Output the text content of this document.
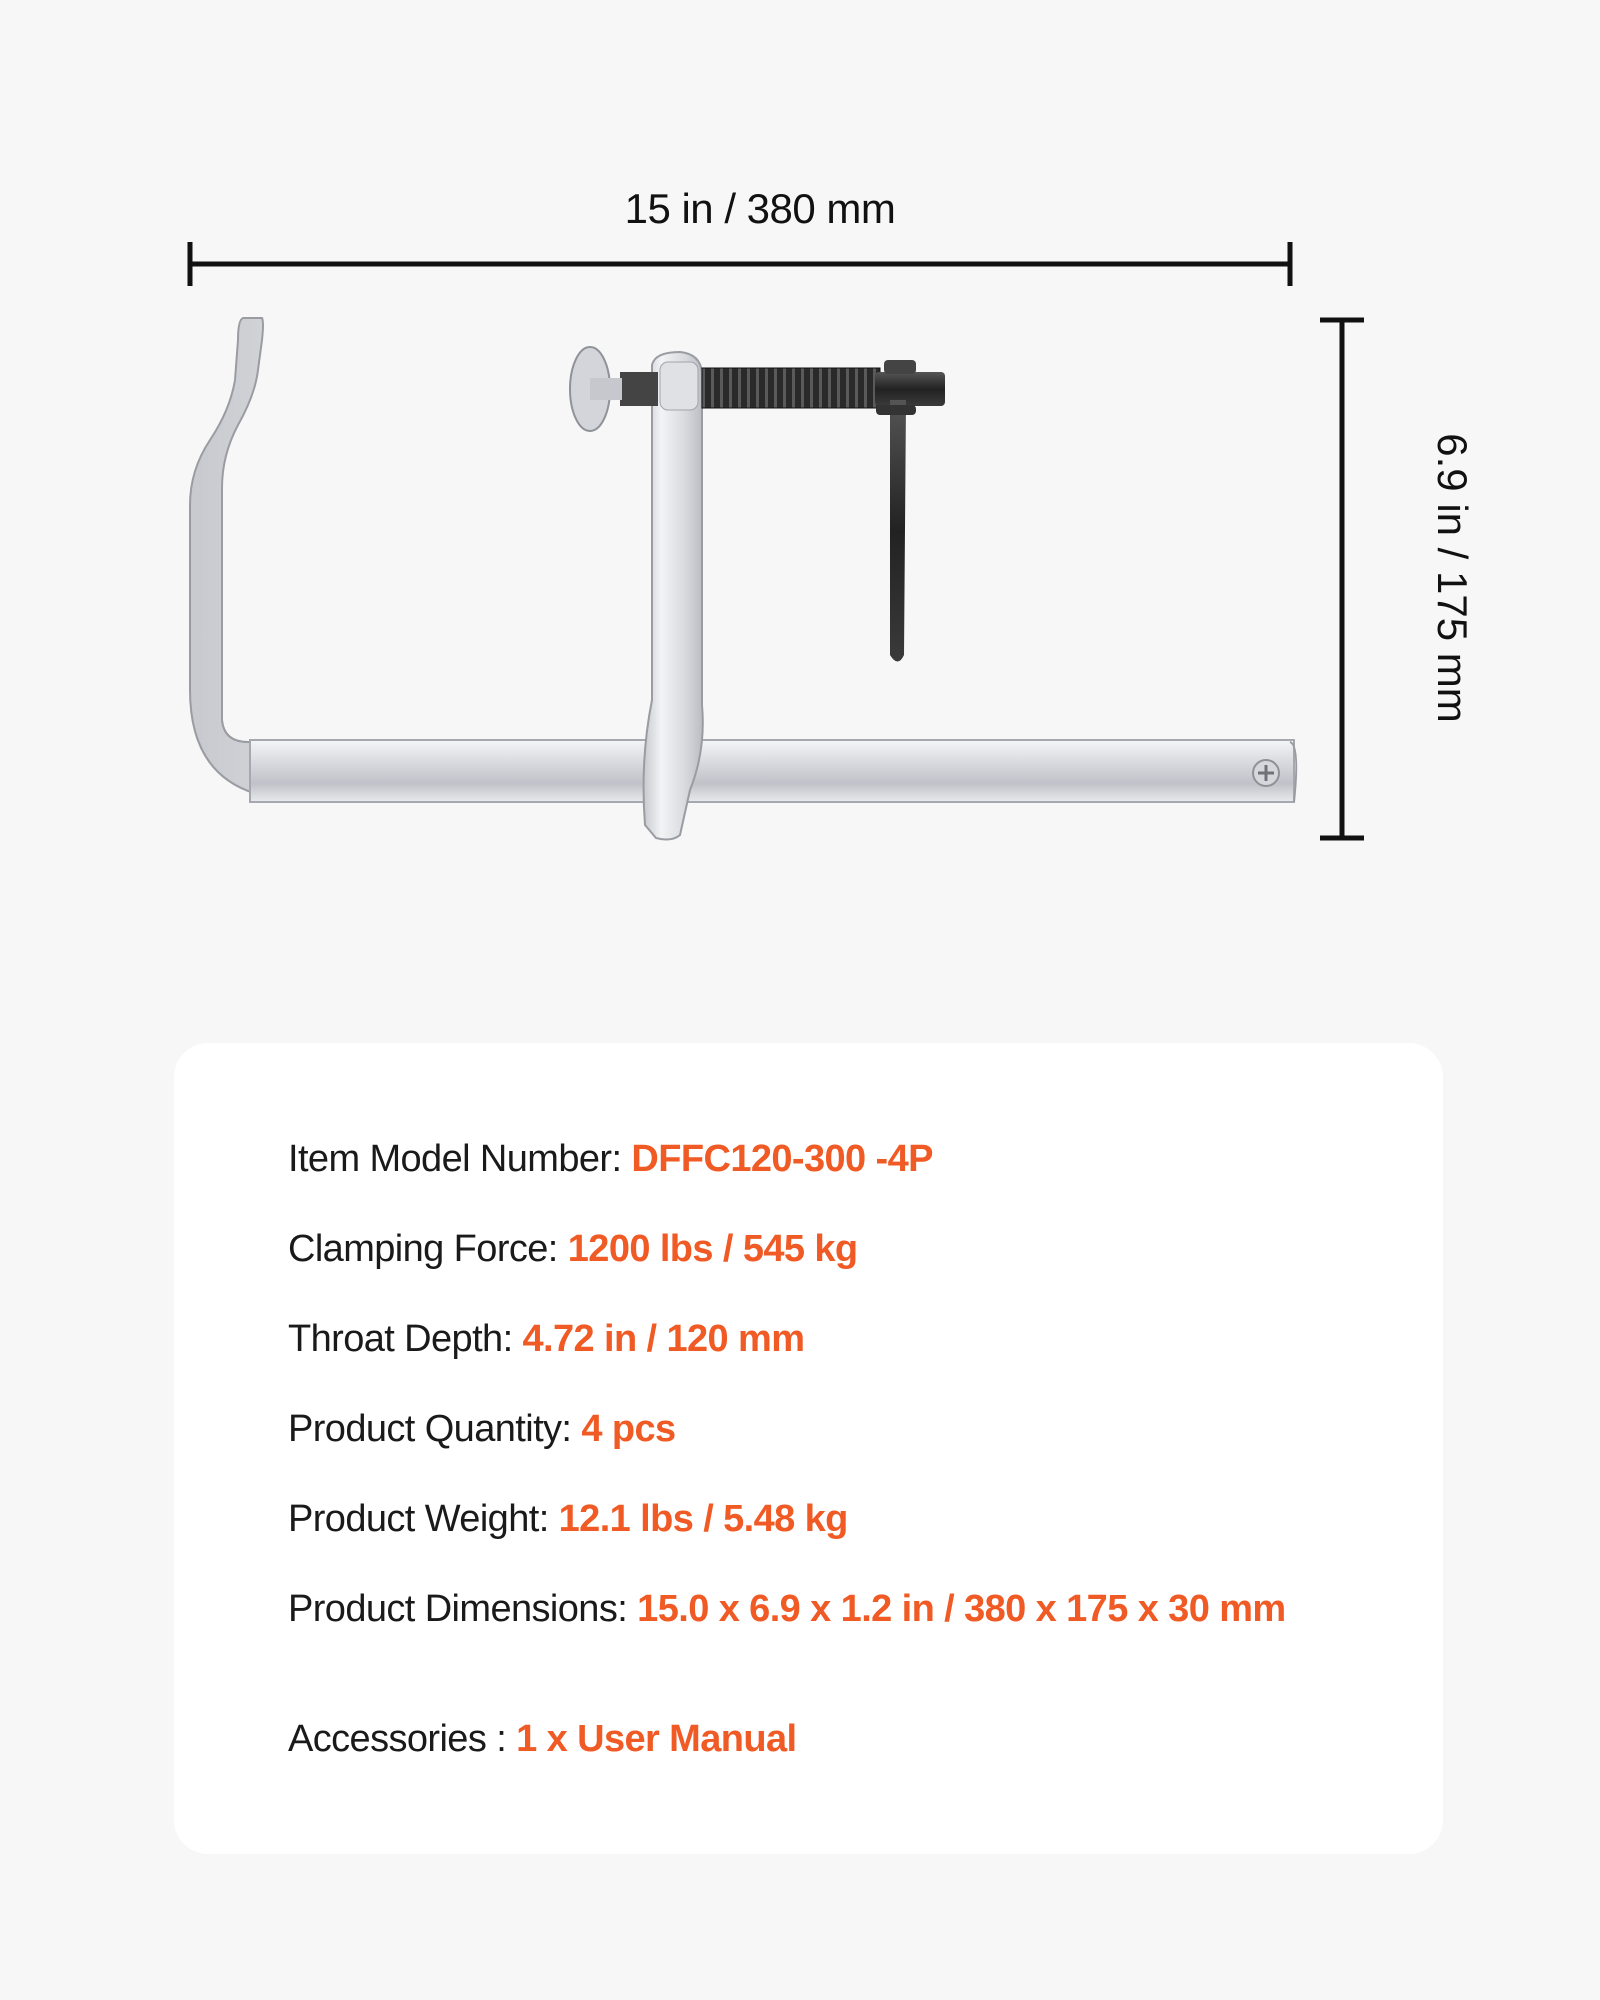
15 in / 380 mm
6.9 in / 175 mm
Item Model Number: DFFC120-300 -4P
Clamping Force: 1200 lbs / 545 kg
Throat Depth: 4.72 in / 120 mm
Product Quantity: 4 pcs
Product Weight: 12.1 lbs / 5.48 kg
Product Dimensions: 15.0 x 6.9 x 1.2 in / 380 x 175 x 30 mm
Accessories : 1 x User Manual
